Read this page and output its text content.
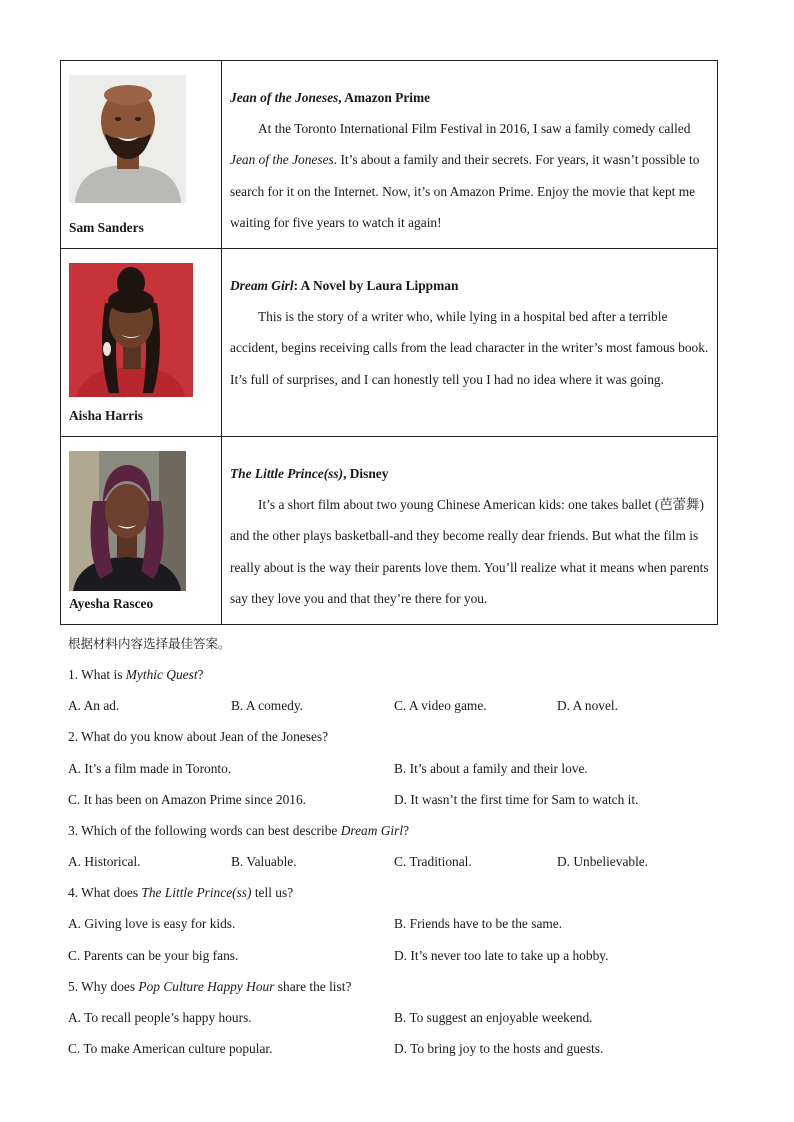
Sam Sanders	Jean of the Joneses, Amazon Prime

At the Toronto International Film Festival in 2016, I saw a family comedy called Jean of the Joneses. It’s about a family and their secrets. For years, it wasn’t possible to search for it on the Internet. Now, it’s on Amazon Prime. Enjoy the movie that kept me waiting for five years to watch it again!

Aisha Harris	Dream Girl: A Novel by Laura Lippman

This is the story of a writer who, while lying in a hospital bed after a terrible accident, begins receiving calls from the lead character in the writer’s most famous book. It’s full of surprises, and I can honestly tell you I had no idea where it was going.

Ayesha Rasceo	The Little Prince(ss), Disney

It’s a short film about two young Chinese American kids: one takes ballet (芭蕾舞) and the other plays basketball-and they become really dear friends. But what the film is really about is the way their parents love them. You’ll realize what it means when parents say they love you and that they’re there for you.

根据材料内容选择最佳答案。
1. What is Mythic Quest?
A. An ad.	B. A comedy.	C. A video game.	D. A novel.
2. What do you know about Jean of the Joneses?
A. It’s a film made in Toronto.	B. It’s about a family and their love.
C. It has been on Amazon Prime since 2016.	D. It wasn’t the first time for Sam to watch it.
3. Which of the following words can best describe Dream Girl?
A. Historical.	B. Valuable.	C. Traditional.	D. Unbelievable.
4. What does The Little Prince(ss) tell us?
A. Giving love is easy for kids.	B. Friends have to be the same.
C. Parents can be your big fans.	D. It’s never too late to take up a hobby.
5. Why does Pop Culture Happy Hour share the list?
A. To recall people’s happy hours.	B. To suggest an enjoyable weekend.
C. To make American culture popular.	D. To bring joy to the hosts and guests.
